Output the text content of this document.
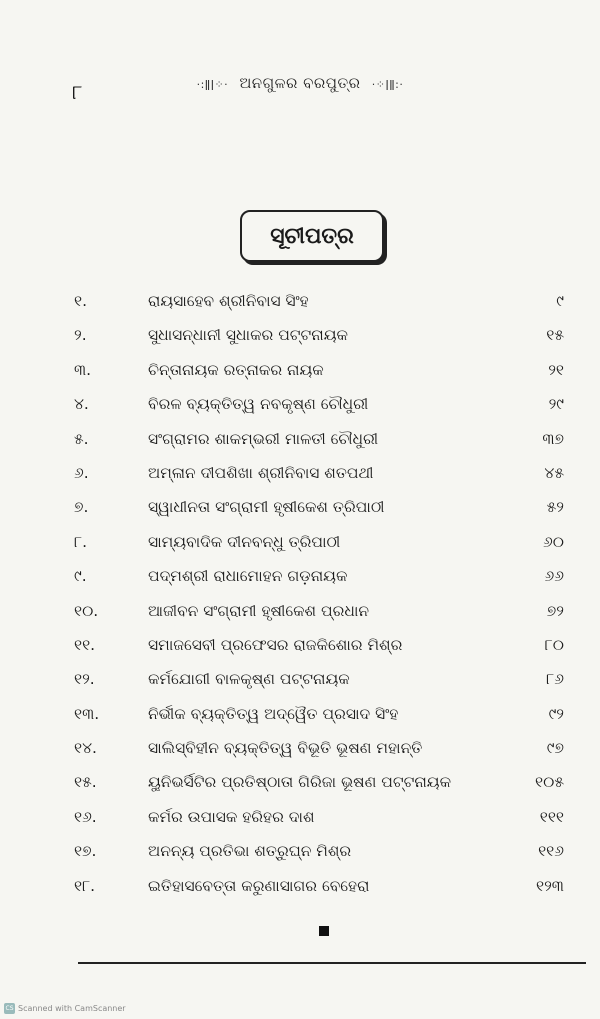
୮	·:ǁǀ⁘· ଅନଗୁଳର ବରପୁତ୍ର ·⁘ǀǁ:·
ସୂଚୀପତ୍ର
୧.	ରାୟସାହେବ ଶ୍ରୀନିବାସ ସିଂହ	୯
୨.	ସୁଧାସନ୍ଧାନୀ ସୁଧାକର ପଟ୍ଟନାୟକ	୧୫
୩.	ଚିନ୍ତାନାୟକ ରତ୍ନାକର ନାୟକ	୨୧
୪.	ବିରଳ ବ୍ୟକ୍ତିତ୍ୱ ନବକୃଷ୍ଣ ଚୌଧୁରୀ	୨୯
୫.	ସଂଗ୍ରାମର ଶାକମ୍ଭରୀ ମାଳତୀ ଚୌଧୁରୀ	୩୭
୬.	ଅମ୍ଳାନ ଦୀପଶିଖା ଶ୍ରୀନିବାସ ଶତପଥୀ	୪୫
୭.	ସ୍ୱାଧୀନତା ସଂଗ୍ରାମୀ ହୃଷୀକେଶ ତ୍ରିପାଠୀ	୫୨
୮.	ସାମ୍ୟବାଦିକ ଦୀନବନ୍ଧୁ ତ୍ରିପାଠୀ	୬୦
୯.	ପଦ୍ମଶ୍ରୀ ରାଧାମୋହନ ଗଡ଼ନାୟକ	୬୬
୧୦.	ଆଜୀବନ ସଂଗ୍ରାମୀ ହୃଷୀକେଶ ପ୍ରଧାନ	୭୨
୧୧.	ସମାଜସେବୀ ପ୍ରଫେସର ରାଜକିଶୋର ମିଶ୍ର	୮୦
୧୨.	କର୍ମଯୋଗୀ ବାଳକୃଷ୍ଣ ପଟ୍ଟନାୟକ	୮୬
୧୩.	ନିର୍ଭୀକ ବ୍ୟକ୍ତିତ୍ୱ ଅଦ୍ୱୈତ ପ୍ରସାଦ ସିଂହ	୯୨
୧୪.	ସାଲିସ୍‌ବିହୀନ ବ୍ୟକ୍ତିତ୍ୱ ବିଭୂତି ଭୂଷଣ ମହାନ୍ତି	୯୭
୧୫.	ୟୁନିଭର୍ସିଟିର ପ୍ରତିଷ୍ଠାତା ଗିରିଜା ଭୂଷଣ ପଟ୍ଟନାୟକ	୧୦୫
୧୬.	କର୍ମର ଉପାସକ ହରିହର ଦାଶ	୧୧୧
୧୭.	ଅନନ୍ୟ ପ୍ରତିଭା ଶତ୍ରୁଘ୍ନ ମିଶ୍ର	୧୧୬
୧୮.	ଇତିହାସବେତ୍ତା କରୁଣାସାଗର ବେହେରା	୧୨୩
CS Scanned with CamScanner
